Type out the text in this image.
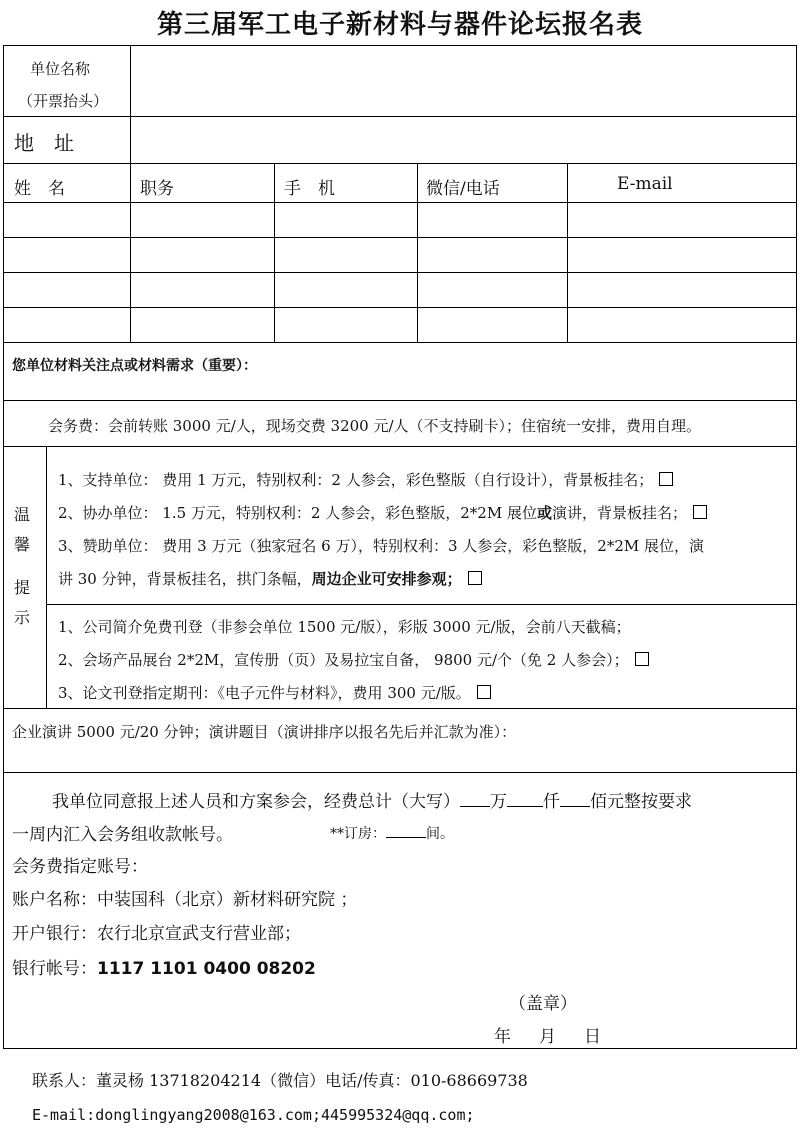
第三届军工电子新材料与器件论坛报名表
单位名称
（开票抬头）
地　址
姓　名	职务	手　机	微信/电话	E-mail
您单位材料关注点或材料需求（重要）：
会务费：会前转账 3000 元/人，现场交费 3200 元/人（不支持刷卡）；住宿统一安排，费用自理。
温
馨
提
示
1、支持单位： 费用 1 万元，特别权利：2 人参会，彩色整版（自行设计），背景板挂名；
2、协办单位： 1.5 万元，特别权利：2 人参会，彩色整版，2*2M 展位或演讲，背景板挂名；
3、赞助单位： 费用 3 万元（独家冠名 6 万），特别权利：3 人参会，彩色整版，2*2M 展位，演
讲 30 分钟，背景板挂名，拱门条幅，周边企业可安排参观；
1、公司简介免费刊登（非参会单位 1500 元/版），彩版 3000 元/版，会前八天截稿；
2、会场产品展台 2*2M，宣传册（页）及易拉宝自备， 9800 元/个（免 2 人参会）；
3、论文刊登指定期刊：《电子元件与材料》，费用 300 元/版。
企业演讲 5000 元/20 分钟；演讲题目（演讲排序以报名先后并汇款为准）：
我单位同意报上述人员和方案参会，经费总计（大写） 万 仟 佰元整按要求
一周内汇入会务组收款帐号。	**订房：	间。
会务费指定账号：
账户名称：中装国科（北京）新材料研究院 ；
开户银行：农行北京宣武支行营业部；
银行帐号：1117 1101 0400 08202
（盖章）
年 月 日
联系人：董灵杨 13718204214（微信）电话/传真：010-68669738
E-mail:donglingyang2008@163.com;445995324@qq.com;
